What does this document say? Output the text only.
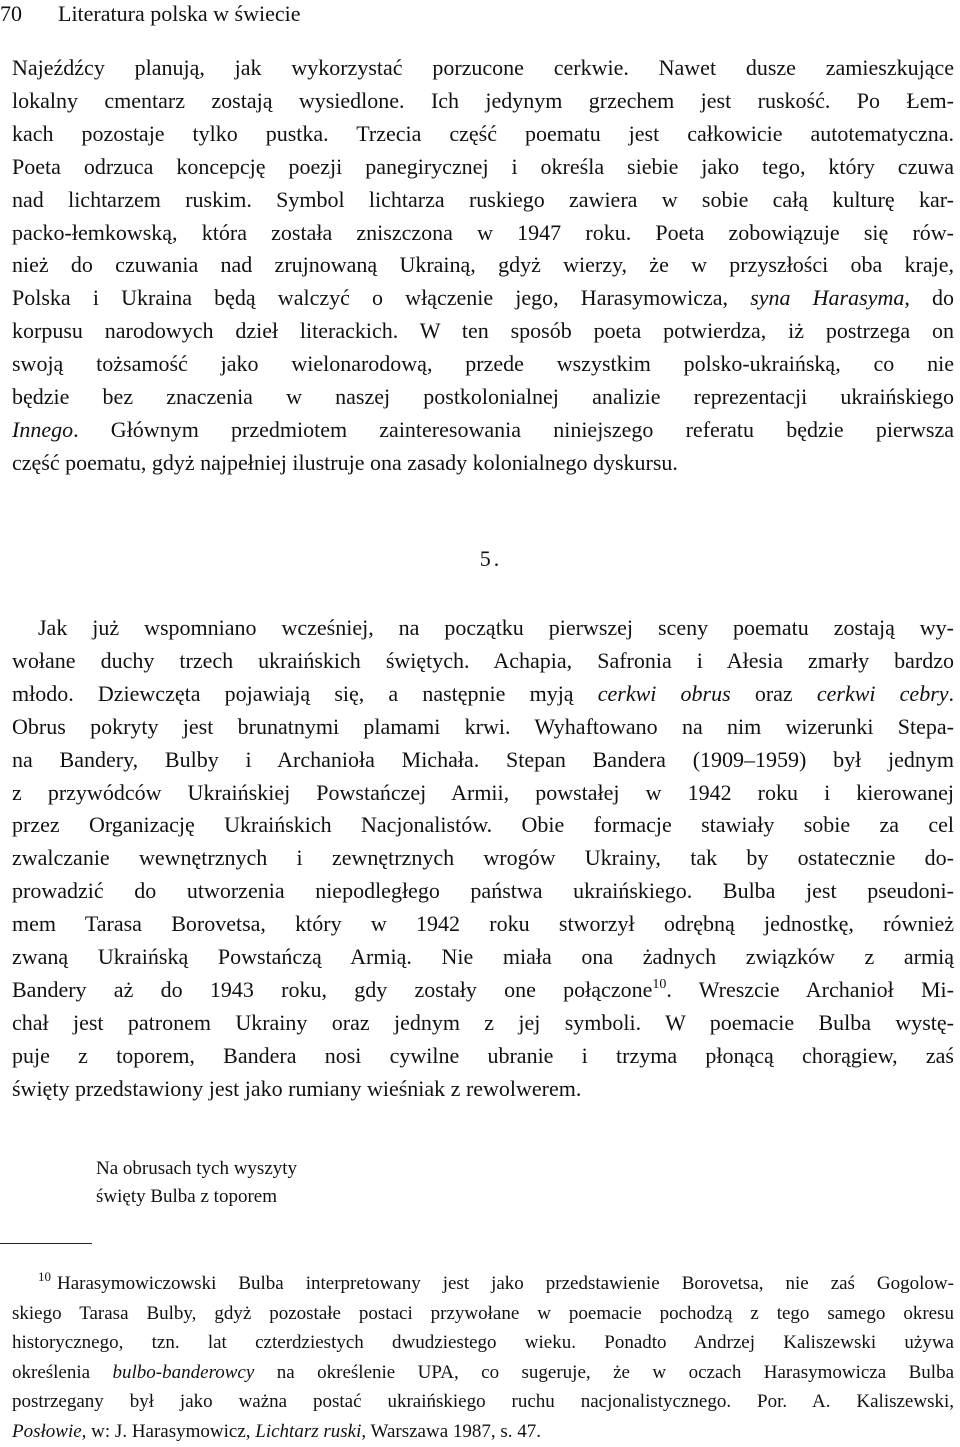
70 Literatura polska w świecie

Najeźdźcy planują, jak wykorzystać porzucone cerkwie. Nawet dusze zamieszkujące
lokalny cmentarz zostają wysiedlone. Ich jedynym grzechem jest ruskość. Po Łem-
kach pozostaje tylko pustka. Trzecia część poematu jest całkowicie autotematyczna.
Poeta odrzuca koncepcję poezji panegirycznej i określa siebie jako tego, który czuwa
nad lichtarzem ruskim. Symbol lichtarza ruskiego zawiera w sobie całą kulturę kar-
packo-łemkowską, która została zniszczona w 1947 roku. Poeta zobowiązuje się rów-
nież do czuwania nad zrujnowaną Ukrainą, gdyż wierzy, że w przyszłości oba kraje,
Polska i Ukraina będą walczyć o włączenie jego, Harasymowicza, syna Harasyma, do
korpusu narodowych dzieł literackich. W ten sposób poeta potwierdza, iż postrzega on
swoją tożsamość jako wielonarodową, przede wszystkim polsko-ukraińską, co nie
będzie bez znaczenia w naszej postkolonialnej analizie reprezentacji ukraińskiego
Innego. Głównym przedmiotem zainteresowania niniejszego referatu będzie pierwsza
część poematu, gdyż najpełniej ilustruje ona zasady kolonialnego dyskursu.

5.

Jak już wspomniano wcześniej, na początku pierwszej sceny poematu zostają wy-
wołane duchy trzech ukraińskich świętych. Achapia, Safronia i Ałesia zmarły bardzo
młodo. Dziewczęta pojawiają się, a następnie myją cerkwi obrus oraz cerkwi cebry.
Obrus pokryty jest brunatnymi plamami krwi. Wyhaftowano na nim wizerunki Stepa-
na Bandery, Bulby i Archanioła Michała. Stepan Bandera (1909–1959) był jednym
z przywódców Ukraińskiej Powstańczej Armii, powstałej w 1942 roku i kierowanej
przez Organizację Ukraińskich Nacjonalistów. Obie formacje stawiały sobie za cel
zwalczanie wewnętrznych i zewnętrznych wrogów Ukrainy, tak by ostatecznie do-
prowadzić do utworzenia niepodległego państwa ukraińskiego. Bulba jest pseudoni-
mem Tarasa Borovetsa, który w 1942 roku stworzył odrębną jednostkę, również
zwaną Ukraińską Powstańczą Armią. Nie miała ona żadnych związków z armią
Bandery aż do 1943 roku, gdy zostały one połączone$^{10}$. Wreszcie Archanioł Mi-
chał jest patronem Ukrainy oraz jednym z jej symboli. W poemacie Bulba wystę-
puje z toporem, Bandera nosi cywilne ubranie i trzyma płonącą chorągiew, zaś
święty przedstawiony jest jako rumiany wieśniak z rewolwerem.

Na obrusach tych wyszyty
święty Bulba z toporem
$^{10}$ Harasymowiczowski Bulba interpretowany jest jako przedstawienie Borovetsa, nie zaś Gogolow-
skiego Tarasa Bulby, gdyż pozostałe postaci przywołane w poemacie pochodzą z tego samego okresu
historycznego, tzn. lat czterdziestych dwudziestego wieku. Ponadto Andrzej Kaliszewski używa
określenia bulbo-banderowcy na określenie UPA, co sugeruje, że w oczach Harasymowicza Bulba
postrzegany był jako ważna postać ukraińskiego ruchu nacjonalistycznego. Por. A. Kaliszewski,
Posłowie, w: J. Harasymowicz, Lichtarz ruski, Warszawa 1987, s. 47.
